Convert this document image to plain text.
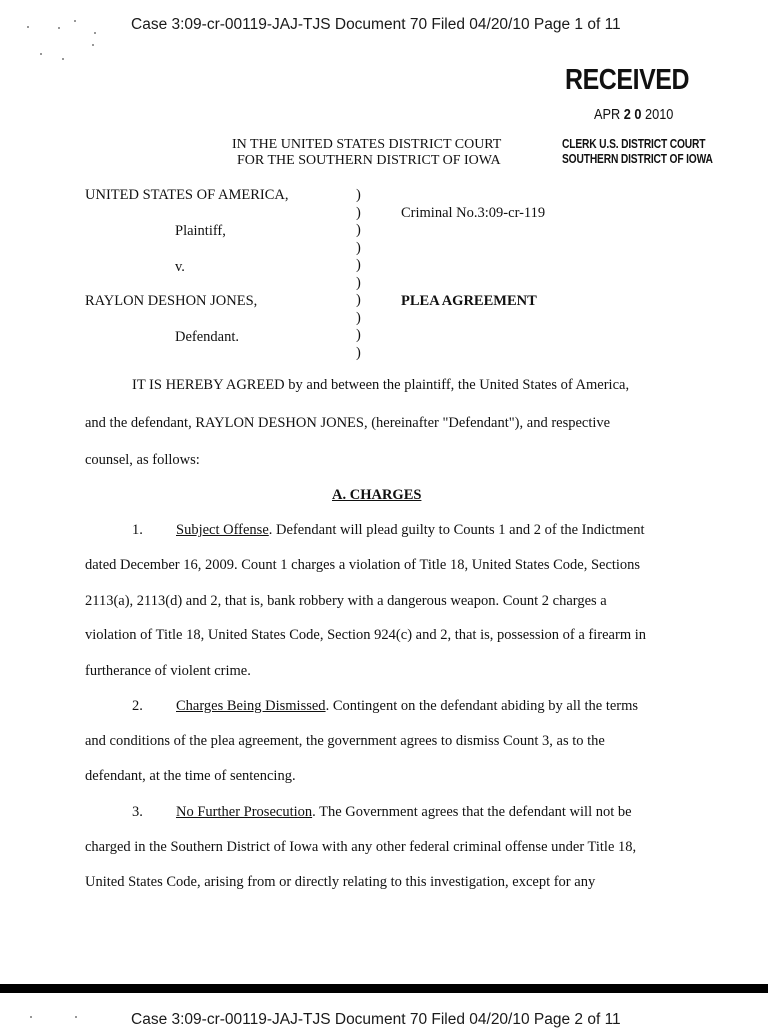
Case 3:09-cr-00119-JAJ-TJS Document 70 Filed 04/20/10 Page 1 of 11
RECEIVED
APR 2 0 2010
CLERK U.S. DISTRICT COURT
SOUTHERN DISTRICT OF IOWA
IN THE UNITED STATES DISTRICT COURT
FOR THE SOUTHERN DISTRICT OF IOWA
UNITED STATES OF AMERICA,
Plaintiff,
v.
RAYLON DESHON JONES,
Defendant.
)
)
)
)
)
)
)
)
)
)
Criminal No.3:09-cr-119
PLEA AGREEMENT
IT IS HEREBY AGREED by and between the plaintiff, the United States of America,
and the defendant, RAYLON DESHON JONES, (hereinafter "Defendant"), and respective
counsel, as follows:
A. CHARGES
1. Subject Offense. Defendant will plead guilty to Counts 1 and 2 of the Indictment
dated December 16, 2009. Count 1 charges a violation of Title 18, United States Code, Sections
2113(a), 2113(d) and 2, that is, bank robbery with a dangerous weapon. Count 2 charges a
violation of Title 18, United States Code, Section 924(c) and 2, that is, possession of a firearm in
furtherance of violent crime.
2. Charges Being Dismissed. Contingent on the defendant abiding by all the terms
and conditions of the plea agreement, the government agrees to dismiss Count 3, as to the
defendant, at the time of sentencing.
3. No Further Prosecution. The Government agrees that the defendant will not be
charged in the Southern District of Iowa with any other federal criminal offense under Title 18,
United States Code, arising from or directly relating to this investigation, except for any
Case 3:09-cr-00119-JAJ-TJS Document 70 Filed 04/20/10 Page 2 of 11
